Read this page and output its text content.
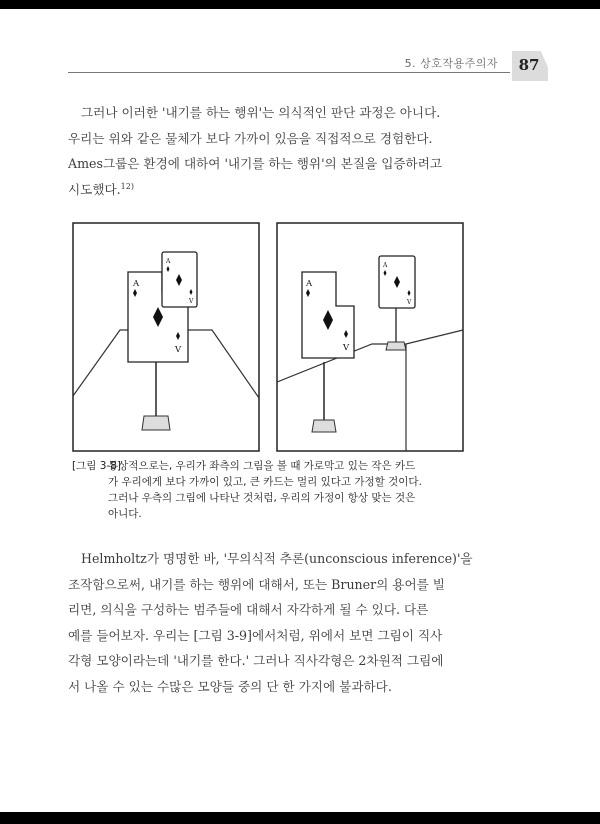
5. 상호작용주의자	87
그러나 이러한 '내기를 하는 행위'는 의식적인 판단 과정은 아니다.
우리는 위와 같은 물체가 보다 가까이 있음을 직접적으로 경험한다.
Ames그룹은 환경에 대하여 '내기를 하는 행위'의 본질을 입증하려고
시도했다.$^{12)}$
A
V
A
V
A
V
A
V
[그림 3-8]
통상적으로는, 우리가 좌측의 그림을 볼 때 가로막고 있는 작은 카드
가 우리에게 보다 가까이 있고, 큰 카드는 멀리 있다고 가정할 것이다.
그러나 우측의 그림에 나타난 것처럼, 우리의 가정이 항상 맞는 것은
아니다.
Helmholtz가 명명한 바, '무의식적 추론(unconscious inference)'을
조작함으로써, 내기를 하는 행위에 대해서, 또는 Bruner의 용어를 빌
리면, 의식을 구성하는 범주들에 대해서 자각하게 될 수 있다. 다른
예를 들어보자. 우리는 [그림 3-9]에서처럼, 위에서 보면 그림이 직사
각형 모양이라는데 '내기를 한다.' 그러나 직사각형은 2차원적 그림에
서 나올 수 있는 수많은 모양들 중의 단 한 가지에 불과하다.
